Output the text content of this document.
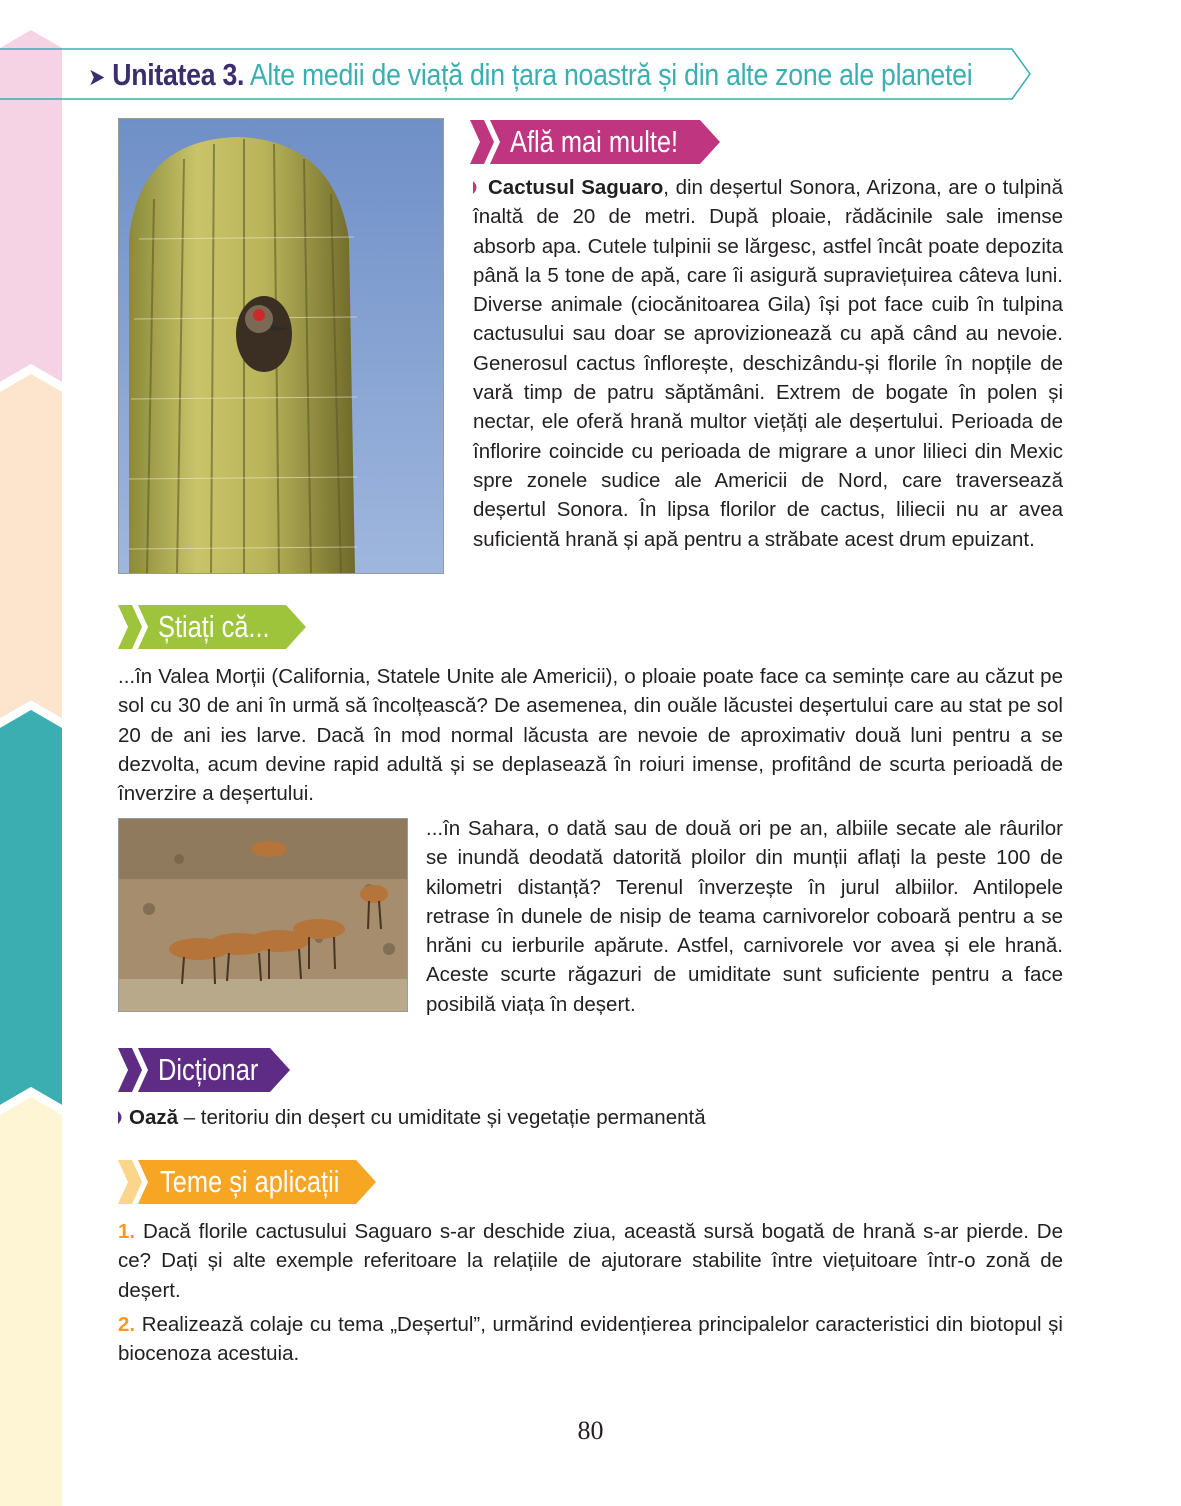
➤ Unitatea 3. Alte medii de viață din țara noastră și din alte zone ale planetei
Află mai multe!

Cactusul Saguaro, din deșertul Sonora, Arizona, are o tulpină înaltă de 20 de metri. După ploaie, rădăcinile sale imense absorb apa. Cutele tulpinii se lărgesc, astfel încât poate depozita până la 5 tone de apă, care îi asigură supraviețuirea câteva luni. Diverse animale (ciocănitoarea Gila) își pot face cuib în tulpina cactusului sau doar se aprovizionează cu apă când au nevoie. Generosul cactus înflorește, deschizându-și florile în nopțile de vară timp de patru săptămâni. Extrem de bogate în polen și nectar, ele oferă hrană multor viețăți ale deșertului. Perioada de înflorire coincide cu perioada de migrare a unor lilieci din Mexic spre zonele sudice ale Americii de Nord, care traversează deșertul Sonora. În lipsa florilor de cactus, liliecii nu ar avea suficientă hrană și apă pentru a străbate acest drum epuizant.

Știați că...

...în Valea Morții (California, Statele Unite ale Americii), o ploaie poate face ca semințe care au căzut pe sol cu 30 de ani în urmă să încolțească? De asemenea, din ouăle lăcustei deșertului care au stat pe sol 20 de ani ies larve. Dacă în mod normal lăcusta are nevoie de aproximativ două luni pentru a se dezvolta, acum devine rapid adultă și se deplasează în roiuri imense, profitând de scurta perioadă de înverzire a deșertului.

...în Sahara, o dată sau de două ori pe an, albiile secate ale râurilor se inundă deodată datorită ploilor din munții aflați la peste 100 de kilometri distanță? Terenul înverzește în jurul albiilor. Antilopele retrase în dunele de nisip de teama carnivorelor coboară pentru a se hrăni cu ierburile apărute. Astfel, carnivorele vor avea și ele hrană. Aceste scurte răgazuri de umiditate sunt suficiente pentru a face posibilă viața în deșert.

Dicționar

Oază – teritoriu din deșert cu umiditate și vegetație permanentă

Teme și aplicații

1. Dacă florile cactusului Saguaro s-ar deschide ziua, această sursă bogată de hrană s-ar pierde. De ce? Dați și alte exemple referitoare la relațiile de ajutorare stabilite între viețuitoare într-o zonă de deșert.

2. Realizează colaje cu tema „Deșertul”, urmărind evidențierea principalelor caracteristici din biotopul și biocenoza acestuia.

80
